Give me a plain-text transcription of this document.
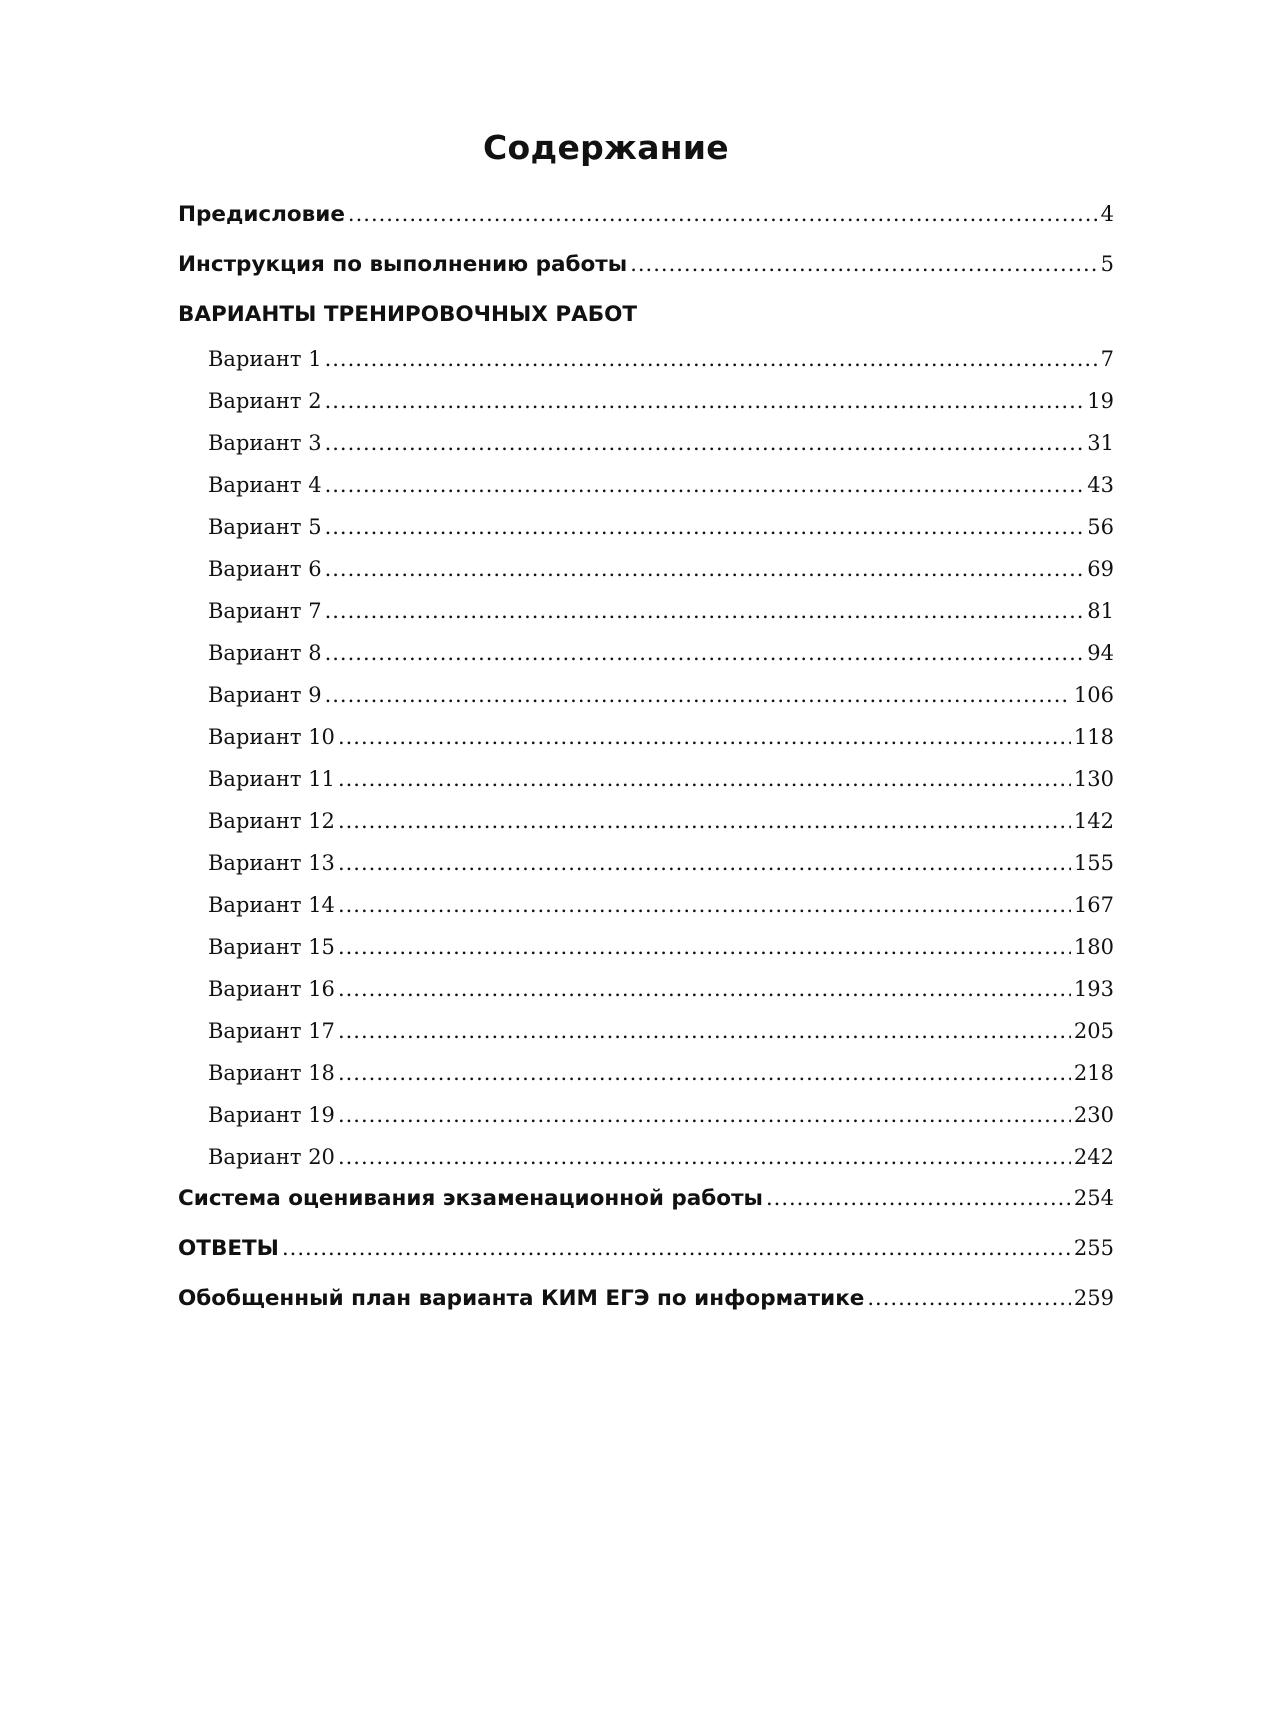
Содержание
Предисловие .....	4
Инструкция по выполнению работы .....	5
ВАРИАНТЫ ТРЕНИРОВОЧНЫХ РАБОТ
Вариант 1 .....	7
Вариант 2 .....	19
Вариант 3 .....	31
Вариант 4 .....	43
Вариант 5 .....	56
Вариант 6 .....	69
Вариант 7 .....	81
Вариант 8 .....	94
Вариант 9 .....	106
Вариант 10 .....	118
Вариант 11 .....	130
Вариант 12 .....	142
Вариант 13 .....	155
Вариант 14 .....	167
Вариант 15 .....	180
Вариант 16 .....	193
Вариант 17 .....	205
Вариант 18 .....	218
Вариант 19 .....	230
Вариант 20 .....	242
Система оценивания экзаменационной работы .....	254
ОТВЕТЫ .....	255
Обобщенный план варианта КИМ ЕГЭ по информатике .....	259
